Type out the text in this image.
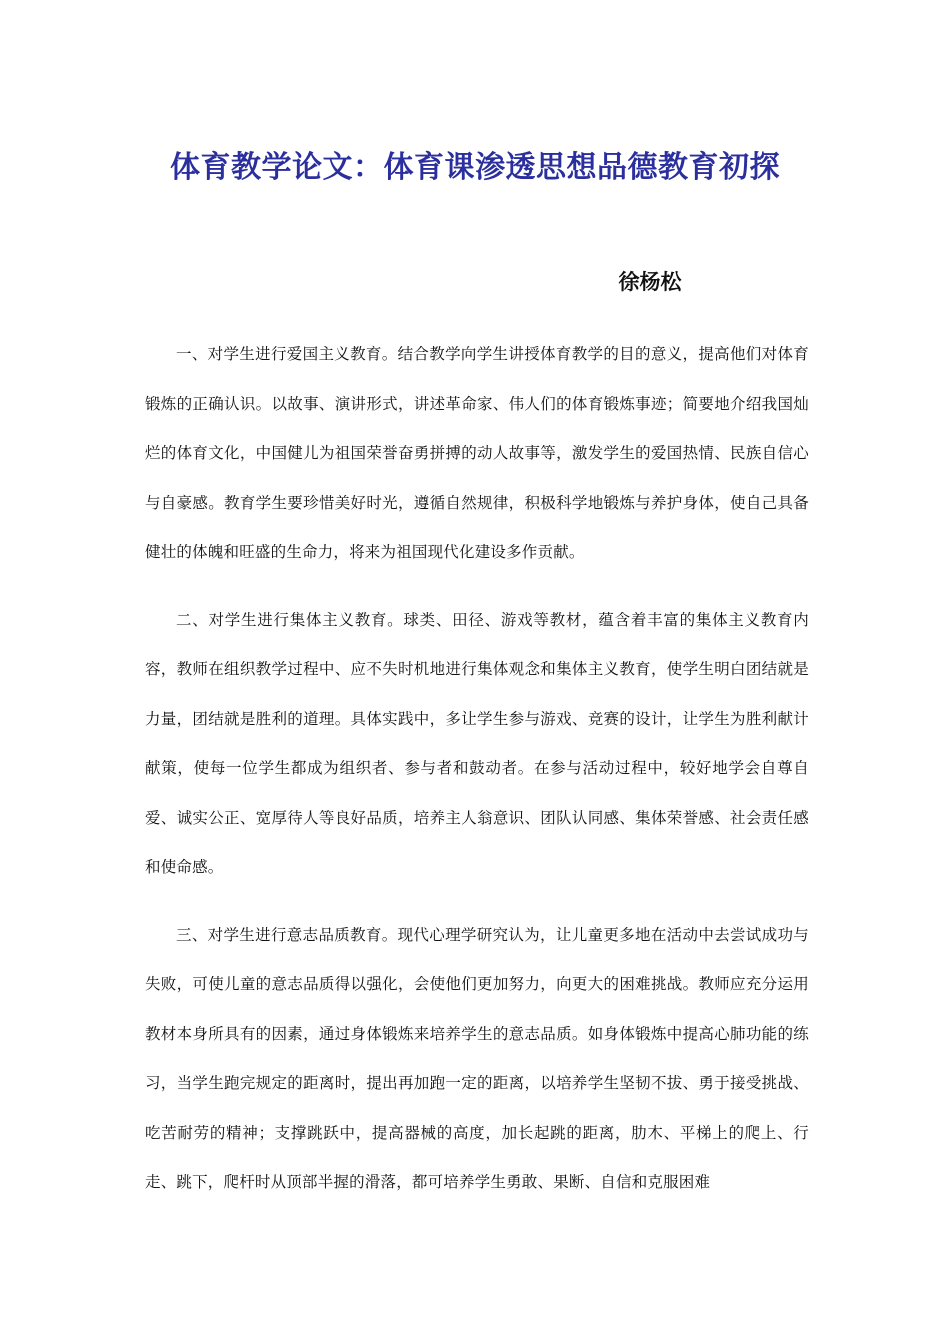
体育教学论文：体育课渗透思想品德教育初探
徐杨松

一、对学生进行爱国主义教育。结合教学向学生讲授体育教学的目的意义，提高他们对体育锻炼的正确认识。以故事、演讲形式，讲述革命家、伟人们的体育锻炼事迹；简要地介绍我国灿烂的体育文化，中国健儿为祖国荣誉奋勇拼搏的动人故事等，激发学生的爱国热情、民族自信心与自豪感。教育学生要珍惜美好时光，遵循自然规律，积极科学地锻炼与养护身体，使自己具备健壮的体魄和旺盛的生命力，将来为祖国现代化建设多作贡献。

二、对学生进行集体主义教育。球类、田径、游戏等教材，蕴含着丰富的集体主义教育内容，教师在组织教学过程中、应不失时机地进行集体观念和集体主义教育，使学生明白团结就是力量，团结就是胜利的道理。具体实践中，多让学生参与游戏、竞赛的设计，让学生为胜利献计献策，使每一位学生都成为组织者、参与者和鼓动者。在参与活动过程中，较好地学会自尊自爱、诚实公正、宽厚待人等良好品质，培养主人翁意识、团队认同感、集体荣誉感、社会责任感和使命感。

三、对学生进行意志品质教育。现代心理学研究认为，让儿童更多地在活动中去尝试成功与失败，可使儿童的意志品质得以强化，会使他们更加努力，向更大的困难挑战。教师应充分运用教材本身所具有的因素，通过身体锻炼来培养学生的意志品质。如身体锻炼中提高心肺功能的练习，当学生跑完规定的距离时，提出再加跑一定的距离，以培养学生坚韧不拔、勇于接受挑战、吃苦耐劳的精神；支撑跳跃中，提高器械的高度，加长起跳的距离，肋木、平梯上的爬上、行走、跳下，爬杆时从顶部半握的滑落，都可培养学生勇敢、果断、自信和克服困难
